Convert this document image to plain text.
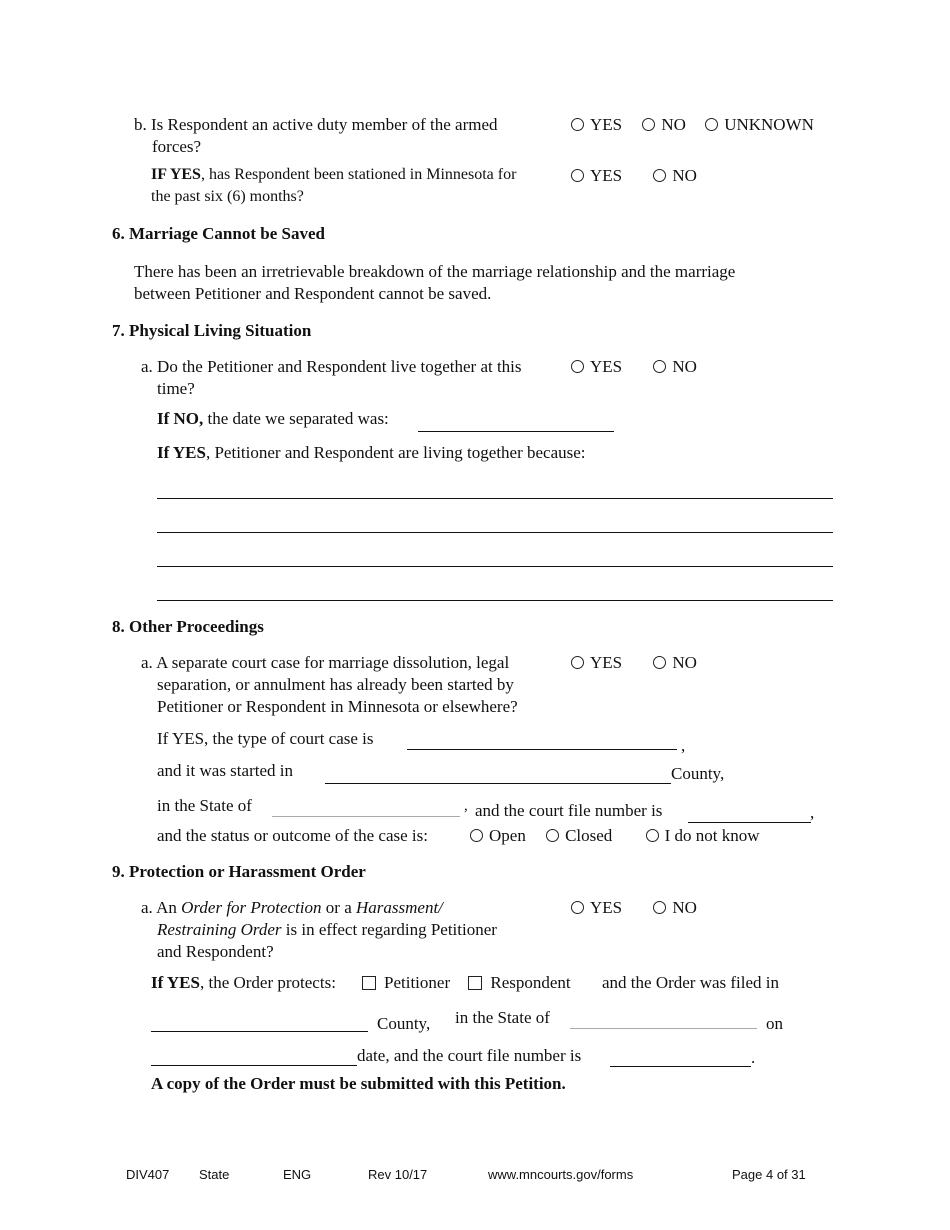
b. Is Respondent an active duty member of the armed
forces?
YES NO UNKNOWN
IF YES, has Respondent been stationed in Minnesota for
the past six (6) months?
YES	NO
6. Marriage Cannot be Saved
There has been an irretrievable breakdown of the marriage relationship and the marriage
between Petitioner and Respondent cannot be saved.
7. Physical Living Situation
a. Do the Petitioner and Respondent live together at this
time?
YES	NO
If NO, the date we separated was:
If YES, Petitioner and Respondent are living together because:
8. Other Proceedings
a. A separate court case for marriage dissolution, legal
separation, or annulment has already been started by
Petitioner or Respondent in Minnesota or elsewhere?
YES	NO
If YES, the type of court case is	,
and it was started in	County,
in the State of	, and the court file number is	,
and the status or outcome of the case is:	Open Closed	I do not know
9. Protection or Harassment Order
a. An Order for Protection or a Harassment/
Restraining Order is in effect regarding Petitioner
and Respondent?
YES	NO
If YES, the Order protects:	Petitioner Respondent and the Order was filed in
County, in the State of	on
date, and the court file number is	.
A copy of the Order must be submitted with this Petition.
DIV407 State	ENG	Rev 10/17	www.mncourts.gov/forms	Page 4 of 31
